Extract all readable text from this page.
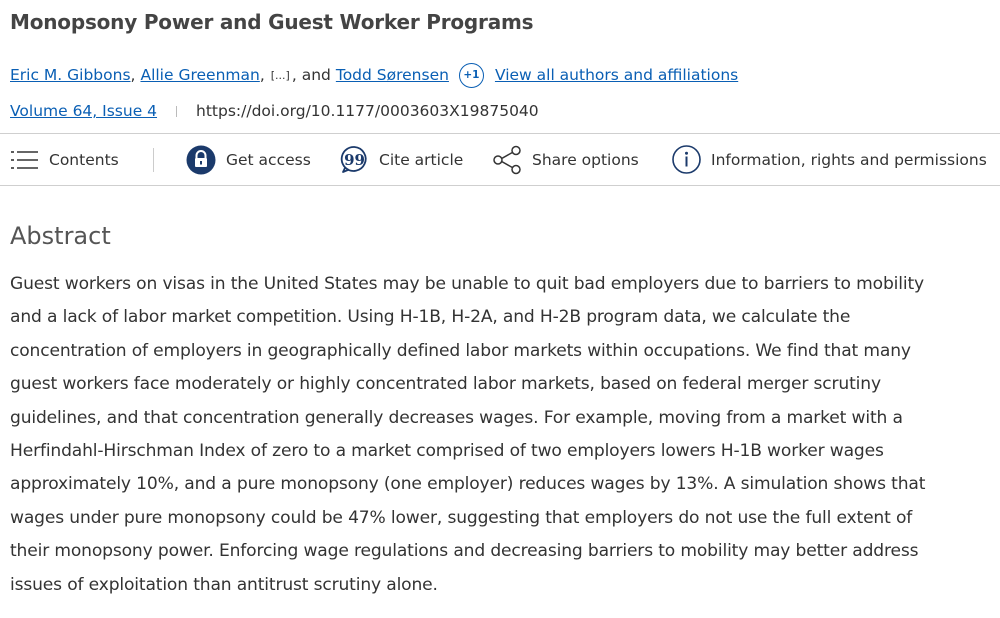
Monopsony Power and Guest Worker Programs
Eric M. Gibbons , Allie Greenman , [...] , and Todd Sørensen	+1 View all authors and affiliations
Volume 64, Issue 4	https://doi.org/10.1177/0003603X19875040
Contents	Get access 99 Cite article	Share options	Information, rights and permissions
Abstract
Guest workers on visas in the United States may be unable to quit bad employers due to barriers to mobility
and a lack of labor market competition. Using H-1B, H-2A, and H-2B program data, we calculate the
concentration of employers in geographically defined labor markets within occupations. We find that many
guest workers face moderately or highly concentrated labor markets, based on federal merger scrutiny
guidelines, and that concentration generally decreases wages. For example, moving from a market with a
Herfindahl-Hirschman Index of zero to a market comprised of two employers lowers H-1B worker wages
approximately 10%, and a pure monopsony (one employer) reduces wages by 13%. A simulation shows that
wages under pure monopsony could be 47% lower, suggesting that employers do not use the full extent of
their monopsony power. Enforcing wage regulations and decreasing barriers to mobility may better address
issues of exploitation than antitrust scrutiny alone.
